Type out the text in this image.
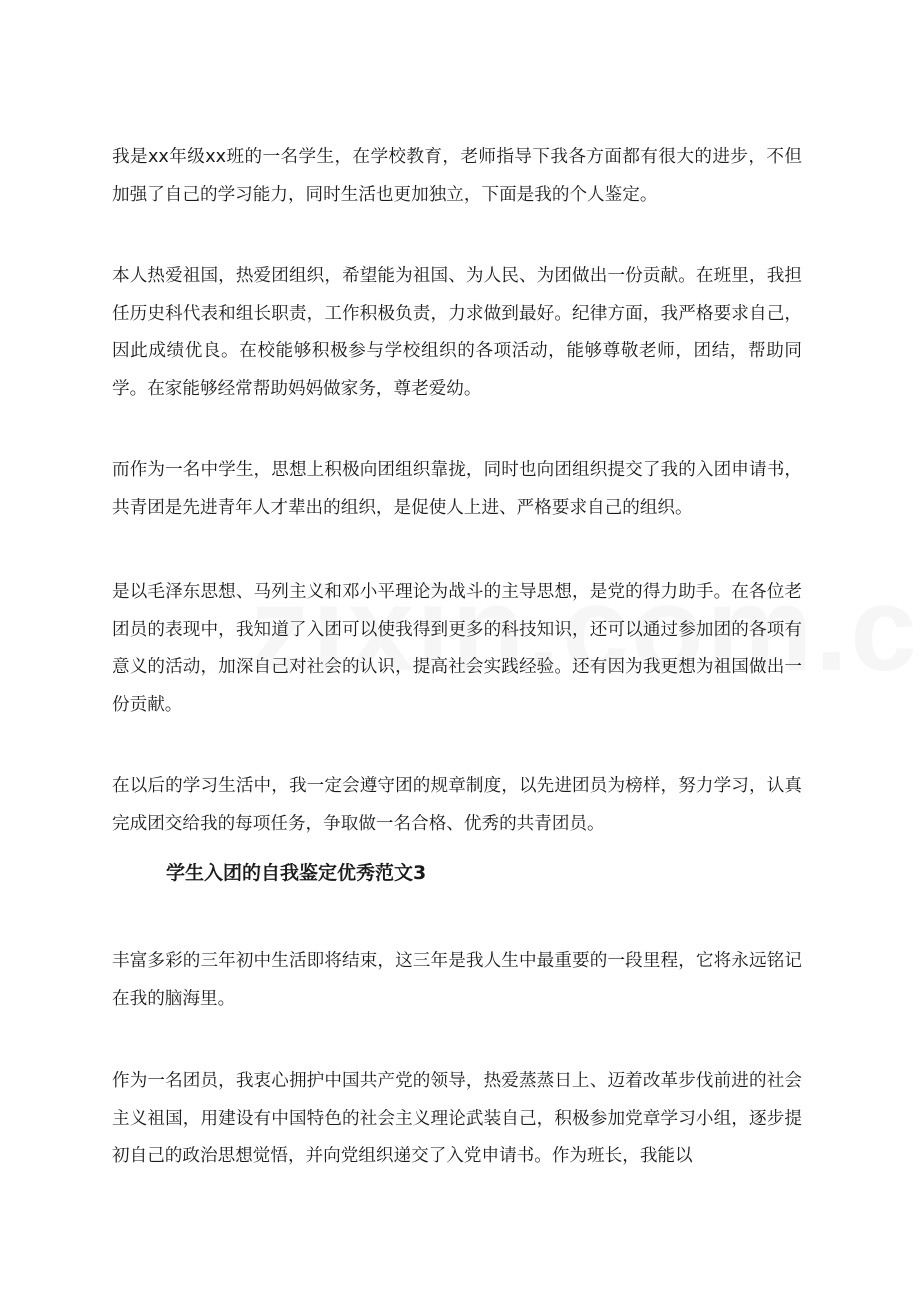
我是xx年级xx班的一名学生，在学校教育，老师指导下我各方面都有很大的进步，不但加强了自己的学习能力，同时生活也更加独立，下面是我的个人鉴定。

本人热爱祖国，热爱团组织，希望能为祖国、为人民、为团做出一份贡献。在班里，我担任历史科代表和组长职责，工作积极负责，力求做到最好。纪律方面，我严格要求自己，因此成绩优良。在校能够积极参与学校组织的各项活动，能够尊敬老师，团结，帮助同学。在家能够经常帮助妈妈做家务，尊老爱幼。

而作为一名中学生，思想上积极向团组织靠拢，同时也向团组织提交了我的入团申请书，共青团是先进青年人才辈出的组织，是促使人上进、严格要求自己的组织。

是以毛泽东思想、马列主义和邓小平理论为战斗的主导思想，是党的得力助手。在各位老团员的表现中，我知道了入团可以使我得到更多的科技知识，还可以通过参加团的各项有意义的活动，加深自己对社会的认识，提高社会实践经验。还有因为我更想为祖国做出一份贡献。

在以后的学习生活中，我一定会遵守团的规章制度，以先进团员为榜样，努力学习，认真完成团交给我的每项任务，争取做一名合格、优秀的共青团员。

学生入团的自我鉴定优秀范文3

丰富多彩的三年初中生活即将结束，这三年是我人生中最重要的一段里程，它将永远铭记在我的脑海里。

作为一名团员，我衷心拥护中国共产党的领导，热爱蒸蒸日上、迈着改革步伐前进的社会主义祖国，用建设有中国特色的社会主义理论武装自己，积极参加党章学习小组，逐步提初自己的政治思想觉悟，并向党组织递交了入党申请书。作为班长，我能以
